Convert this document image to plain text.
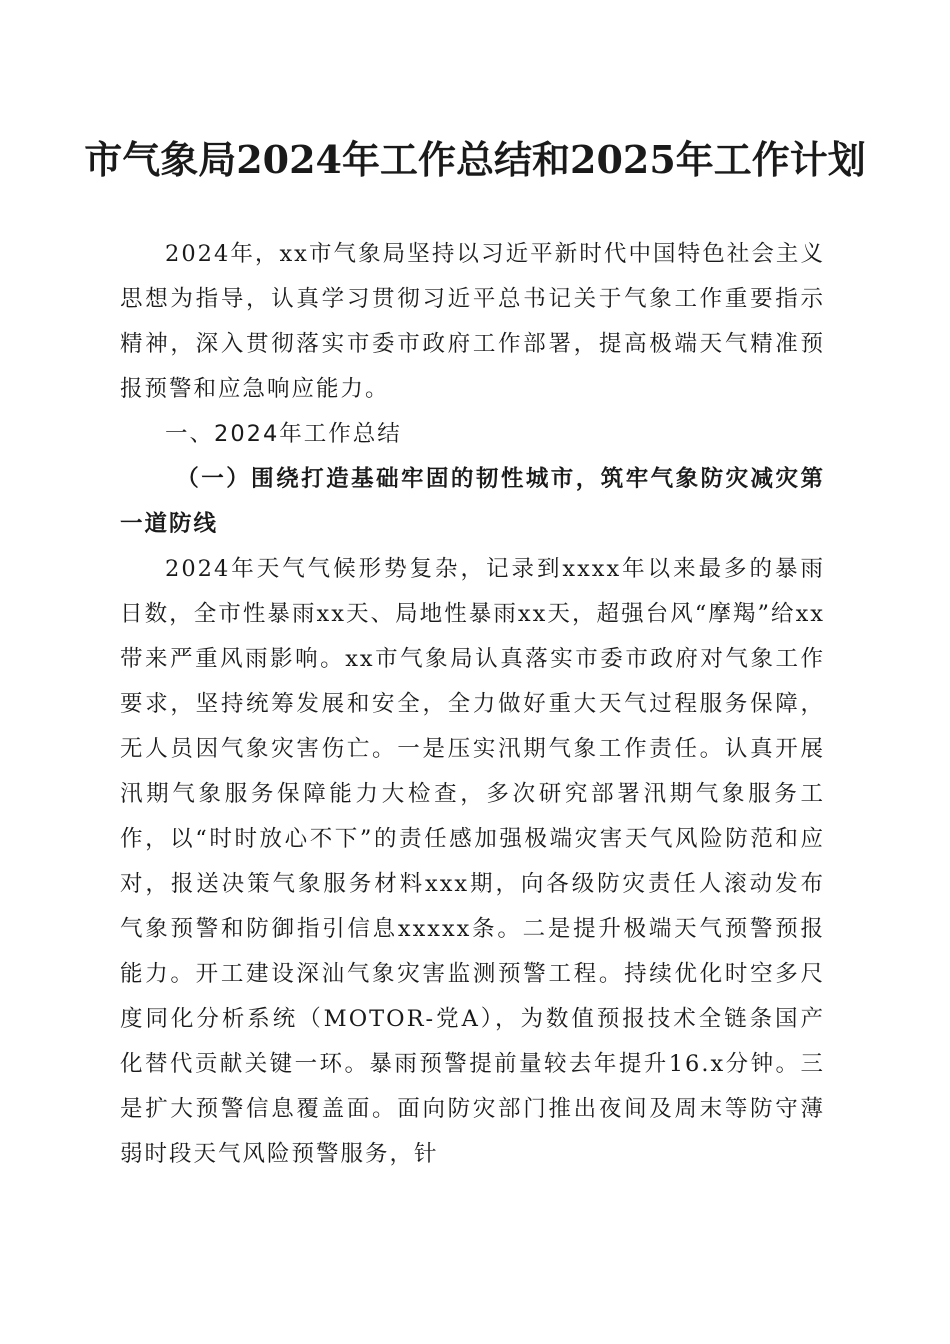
市气象局2024年工作总结和2025年工作计划

2024年，xx市气象局坚持以习近平新时代中国特色社会主义思想为指导，认真学习贯彻习近平总书记关于气象工作重要指示精神，深入贯彻落实市委市政府工作部署，提高极端天气精准预报预警和应急响应能力。

一、2024年工作总结

（一）围绕打造基础牢固的韧性城市，筑牢气象防灾减灾第一道防线

2024年天气气候形势复杂，记录到xxxx年以来最多的暴雨日数，全市性暴雨xx天、局地性暴雨xx天，超强台风“摩羯”给xx带来严重风雨影响。xx市气象局认真落实市委市政府对气象工作要求，坚持统筹发展和安全，全力做好重大天气过程服务保障，无人员因气象灾害伤亡。一是压实汛期气象工作责任。认真开展汛期气象服务保障能力大检查，多次研究部署汛期气象服务工作，以“时时放心不下”的责任感加强极端灾害天气风险防范和应对，报送决策气象服务材料xxx期，向各级防灾责任人滚动发布气象预警和防御指引信息xxxxx条。二是提升极端天气预警预报能力。开工建设深汕气象灾害监测预警工程。持续优化时空多尺度同化分析系统（MOTOR-党A），为数值预报技术全链条国产化替代贡献关键一环。暴雨预警提前量较去年提升16.x分钟。三是扩大预警信息覆盖面。面向防灾部门推出夜间及周末等防守薄弱时段天气风险预警服务，针
